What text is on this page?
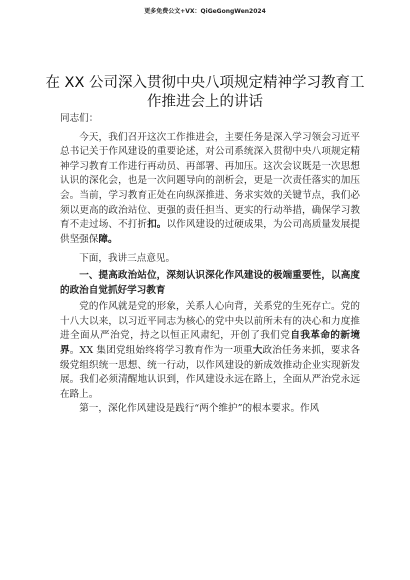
更多免费公文+VX：QiGeGongWen2024
在 XX 公司深入贯彻中央八项规定精神学习教育工作推进会上的讲话

同志们：

今天，我们召开这次工作推进会，主要任务是深入学习领会习近平总书记关于作风建设的重要论述，对公司系统深入贯彻中央八项规定精神学习教育工作进行再动员、再部署、再加压。这次会议既是一次思想认识的深化会，也是一次问题导向的剖析会，更是一次责任落实的加压会。当前，学习教育正处在向纵深推进、务求实效的关键节点，我们必须以更高的政治站位、更强的责任担当、更实的行动举措，确保学习教育不走过场、不打折扣。以作风建设的过硬成果，为公司高质量发展提供坚强保障。

下面，我讲三点意见。

一、提高政治站位，深刻认识深化作风建设的极端重要性，以高度的政治自觉抓好学习教育

党的作风就是党的形象，关系人心向背，关系党的生死存亡。党的十八大以来，以习近平同志为核心的党中央以前所未有的决心和力度推进全面从严治党，持之以恒正风肃纪，开创了我们党自我革命的新境界。XX 集团党组始终将学习教育作为一项重大政治任务来抓，要求各级党组织统一思想、统一行动，以作风建设的新成效推动企业实现新发展。我们必须清醒地认识到，作风建设永远在路上，全面从严治党永远在路上。

第一，深化作风建设是践行“两个维护”的根本要求。作风
